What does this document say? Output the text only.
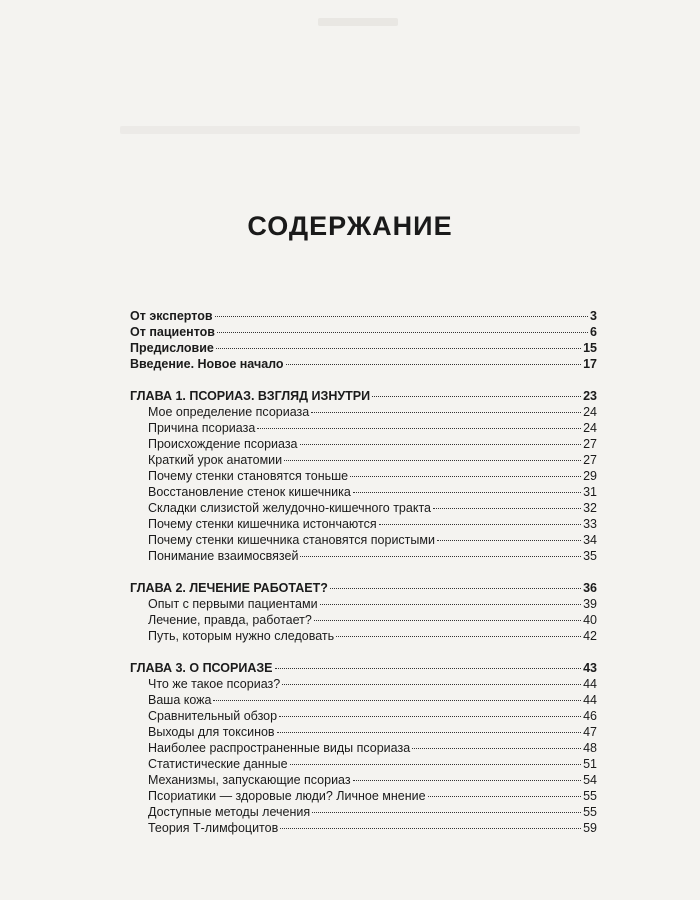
СОДЕРЖАНИЕ
От экспертов	3
От пациентов	6
Предисловие	15
Введение. Новое начало	17
ГЛАВА 1. ПСОРИАЗ. ВЗГЛЯД ИЗНУТРИ	23
Мое определение псориаза	24
Причина псориаза	24
Происхождение псориаза	27
Краткий урок анатомии	27
Почему стенки становятся тоньше	29
Восстановление стенок кишечника	31
Складки слизистой желудочно-кишечного тракта	32
Почему стенки кишечника истончаются	33
Почему стенки кишечника становятся пористыми	34
Понимание взаимосвязей	35
ГЛАВА 2. ЛЕЧЕНИЕ РАБОТАЕТ?	36
Опыт с первыми пациентами	39
Лечение, правда, работает?	40
Путь, которым нужно следовать	42
ГЛАВА 3. О ПСОРИАЗЕ	43
Что же такое псориаз?	44
Ваша кожа	44
Сравнительный обзор	46
Выходы для токсинов	47
Наиболее распространенные виды псориаза	48
Статистические данные	51
Механизмы, запускающие псориаз	54
Псориатики — здоровые люди? Личное мнение	55
Доступные методы лечения	55
Теория Т-лимфоцитов	59
